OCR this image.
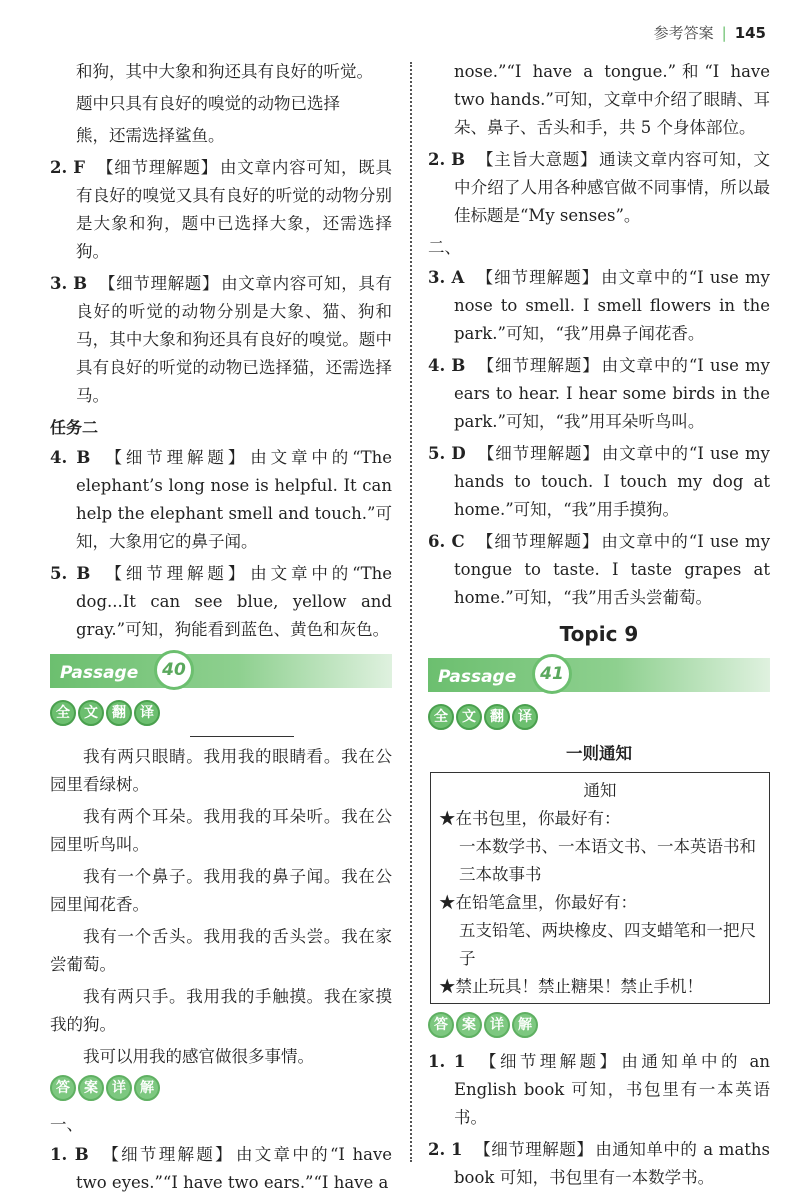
参考答案 | 145

和狗，其中大象和狗还具有良好的听觉。

题中只具有良好的嗅觉的动物已选择

熊，还需选择鲨鱼。

2. F 【细节理解题】 由文章内容可知，既具有良好的嗅觉又具有良好的听觉的动物分别是大象和狗，题中已选择大象，还需选择狗。

3. B 【细节理解题】 由文章内容可知，具有良好的听觉的动物分别是大象、猫、狗和马，其中大象和狗还具有良好的嗅觉。题中具有良好的听觉的动物已选择猫，还需选择马。

任务二

4. B 【细节理解题】 由文章中的“The elephant’s long nose is helpful. It can help the elephant smell and touch.”可知，大象用它的鼻子闻。

5. B 【细节理解题】 由文章中的“The dog...It can see blue, yellow and gray.”可知，狗能看到蓝色、黄色和灰色。

Passage	40
全	文	翻	译

我有两只眼睛。我用我的眼睛看。我在公园里看绿树。

我有两个耳朵。我用我的耳朵听。我在公园里听鸟叫。

我有一个鼻子。我用我的鼻子闻。我在公园里闻花香。

我有一个舌头。我用我的舌头尝。我在家尝葡萄。

我有两只手。我用我的手触摸。我在家摸我的狗。

我可以用我的感官做很多事情。

答	案	详	解

一、

1. B 【细节理解题】 由文章中的“I have two eyes.”“I have two ears.”“I have a

nose.”“I have a tongue.”和“I have two hands.”可知，文章中介绍了眼睛、耳朵、鼻子、舌头和手，共 5 个身体部位。

2. B 【主旨大意题】 通读文章内容可知，文中介绍了人用各种感官做不同事情，所以最佳标题是“My senses”。

二、

3. A 【细节理解题】 由文章中的“I use my nose to smell. I smell flowers in the park.”可知，“我”用鼻子闻花香。

4. B 【细节理解题】 由文章中的“I use my ears to hear. I hear some birds in the park.”可知，“我”用耳朵听鸟叫。

5. D 【细节理解题】 由文章中的“I use my hands to touch. I touch my dog at home.”可知，“我”用手摸狗。

6. C 【细节理解题】 由文章中的“I use my tongue to taste. I taste grapes at home.”可知，“我”用舌头尝葡萄。

Topic 9

Passage	41
全	文	翻	译

一则通知

通知

★在书包里，你最好有：

一本数学书、一本语文书、一本英语书和三本故事书

★在铅笔盒里，你最好有：

五支铅笔、两块橡皮、四支蜡笔和一把尺子

★禁止玩具！禁止糖果！禁止手机！

答	案	详	解

1. 1 【细节理解题】 由通知单中的 an English book 可知，书包里有一本英语书。

2. 1 【细节理解题】 由通知单中的 a maths book 可知，书包里有一本数学书。
